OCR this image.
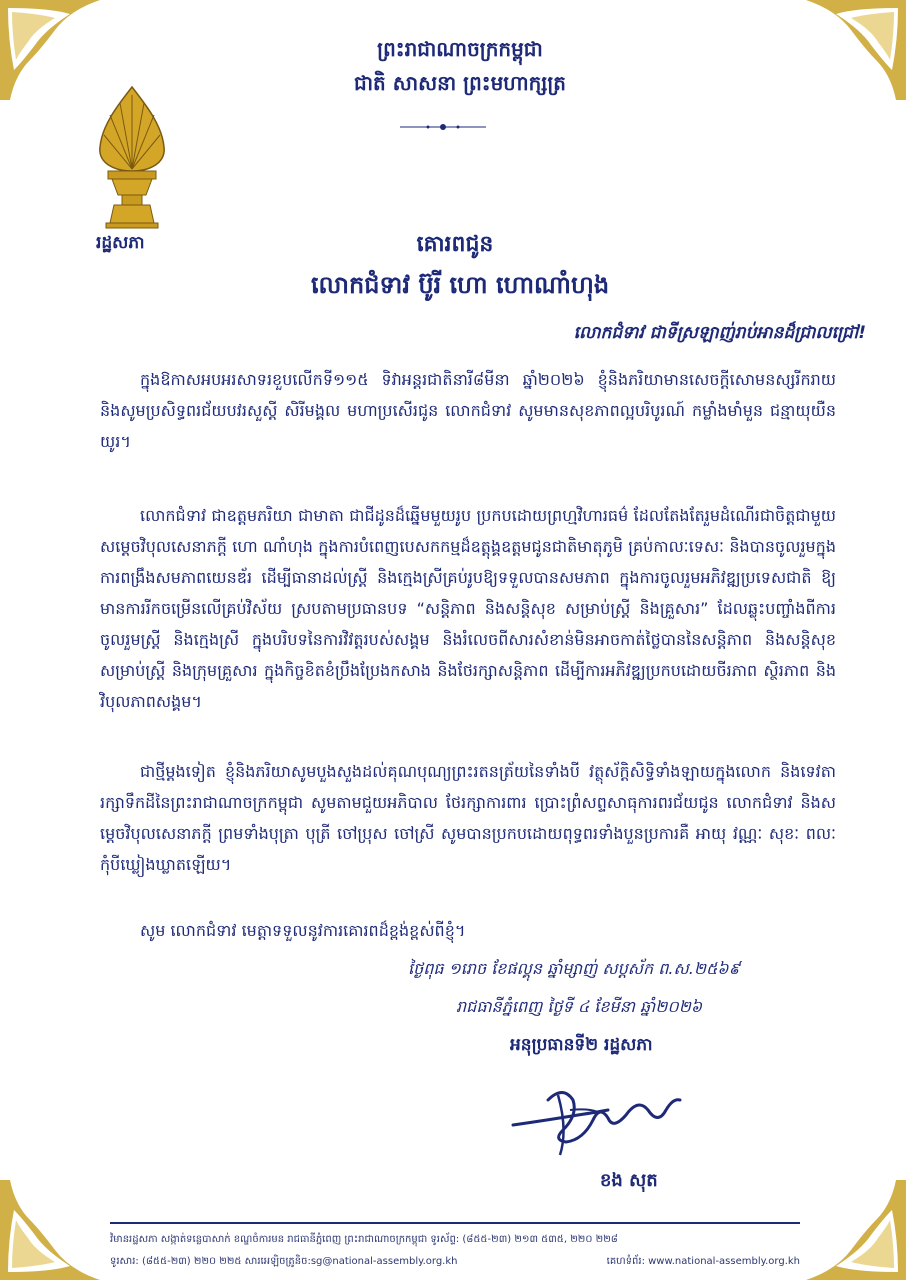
រដ្ឋសភា
ព្រះរាជាណាចក្រកម្ពុជា
ជាតិ សាសនា ព្រះមហាក្សត្រ
គោរពជូន
លោកជំទាវ ប៊ូរី ហោ ហោណាំហុង
លោកជំទាវ ជាទីស្រឡាញ់រាប់អានដ៏ជ្រាលជ្រៅ!
ក្នុងឱកាសអបអរសាទរខួបលើកទី១១៥ ទិវាអន្តរជាតិនារី៨មីនា ឆ្នាំ២០២៦ ខ្ញុំនិងភរិយាមានសេចក្តីសោមនស្សរីករាយ និងសូមប្រសិទ្ធពរជ័យបវរសួស្តី សិរីមង្គល មហាប្រសើរជូន លោកជំទាវ សូមមានសុខភាពល្អបរិបូរណ៍ កម្លាំងមាំមួន ជន្មាយុយឺនយូរ។
លោកជំទាវ ជាឧត្តមភរិយា ជាមាតា ជាជីដូនដ៏ឆ្នើមមួយរូប ប្រកបដោយព្រហ្មវិហារធម៌ ដែលតែងតែរួមដំណើរជាចិត្តជាមួយ សម្តេចវិបុលសេនាភក្តី ហោ ណាំហុង ក្នុងការបំពេញបេសកកម្មដ៏ឧត្តុង្គឧត្តមជូនជាតិមាតុភូមិ គ្រប់កាលៈទេសៈ និងបានចូលរួមក្នុងការពង្រឹងសមភាពយេនឌ័រ ដើម្បីធានាដល់ស្ត្រី និងក្មេងស្រីគ្រប់រូបឱ្យទទួលបានសមភាព ក្នុងការចូលរួមអភិវឌ្ឍប្រទេសជាតិ ឱ្យមានការរីកចម្រើនលើគ្រប់វិស័យ ស្របតាមប្រធានបទ “សន្តិភាព និងសន្តិសុខ សម្រាប់ស្ត្រី និងគ្រួសារ” ដែលឆ្លុះបញ្ចាំងពីការចូលរួមស្ត្រី និងក្មេងស្រី ក្នុងបរិបទនៃការវិវត្តរបស់សង្គម និងរំលេចពីសារសំខាន់មិនអាចកាត់ថ្លៃបាននៃសន្តិភាព និងសន្តិសុខ សម្រាប់ស្ត្រី និងក្រុមគ្រួសារ ក្នុងកិច្ចខិតខំប្រឹងប្រែងកសាង និងថែរក្សាសន្តិភាព ដើម្បីការអភិវឌ្ឍប្រកបដោយចីរភាព ស្ថិរភាព និងវិបុលភាពសង្គម។
ជាថ្មីម្តងទៀត ខ្ញុំនិងភរិយាសូមបួងសួងដល់គុណបុណ្យព្រះរតនត្រ័យនៃទាំងបី វត្ថុស័ក្តិសិទ្ធិទាំងឡាយក្នុងលោក និងទេវតារក្សាទឹកដីនៃព្រះរាជាណាចក្រកម្ពុជា សូមតាមជួយអភិបាល ថែរក្សាការពារ ប្រោះព្រំសព្ទសាធុការពរជ័យជូន លោកជំទាវ និងសម្តេចវិបុលសេនាភក្តី ព្រមទាំងបុត្រា បុត្រី ចៅប្រុស ចៅស្រី សូមបានប្រកបដោយពុទ្ធពរទាំងបួនប្រការគឺ អាយុ វណ្ណៈ សុខៈ ពលៈ កុំបីឃ្លៀងឃ្លាតឡើយ។
សូម លោកជំទាវ មេត្តាទទួលនូវការគោរពដ៏ខ្ពង់ខ្ពស់ពីខ្ញុំ។
ថ្ងៃពុធ ១រោច ខែផល្គុន ឆ្នាំម្សាញ់ សប្តស័ក ព.ស.២៥៦៩
រាជធានីភ្នំពេញ ថ្ងៃទី ៤ ខែមីនា ឆ្នាំ២០២៦
អនុប្រធានទី២ រដ្ឋសភា
ខង សុត
វិមានរដ្ឋសភា សង្កាត់ទន្លេបាសាក់ ខណ្ឌចំការមន រាជធានីភ្នំពេញ ព្រះរាជាណាចក្រកម្ពុជា ទូរស័ព្ទ: (៨៥៥-២៣) ២១៣ ៥៣៥, ២២០ ២២៨
ទូរសារ: (៨៥៥-២៣) ២២០ ២២៥ សារអេឡិចត្រូនិច:sg@national-assembly.org.kh	គេហទំព័រ: www.national-assembly.org.kh
